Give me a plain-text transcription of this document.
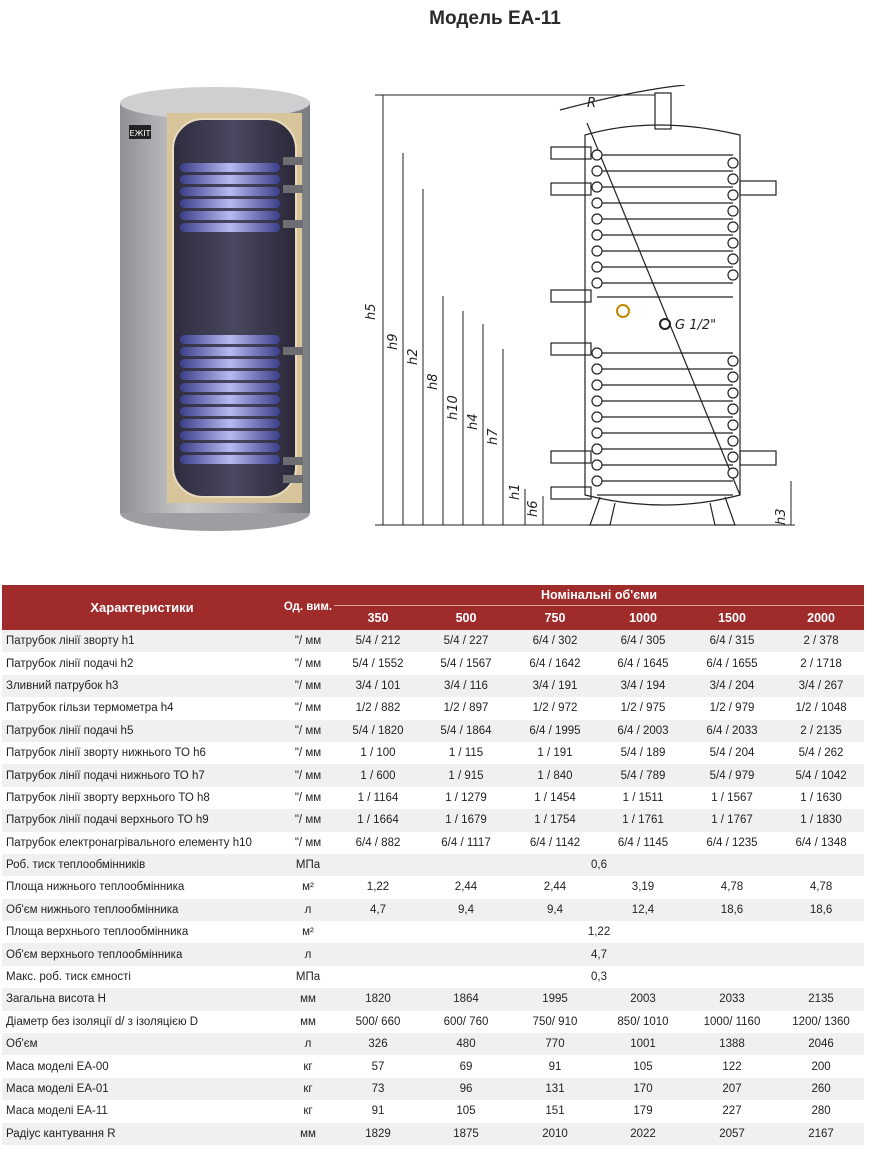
Модель EA-11
ЕЖІТ
R
h5
h9
h2
h8
h10
h4
h7
h1
h6	h3
G 1/2"
Характеристики	Од. вим.	Номінальні об'єми					
		350	500	750	1000	1500	2000
Патрубок лінії зворту h1	"/ мм	5/4 / 212	5/4 / 227	6/4 / 302	6/4 / 305	6/4 / 315	2 / 378
Патрубок лінії подачі h2	"/ мм	5/4 / 1552	5/4 / 1567	6/4 / 1642	6/4 / 1645	6/4 / 1655	2 / 1718
Зливний патрубок h3	"/ мм	3/4 / 101	3/4 / 116	3/4 / 191	3/4 / 194	3/4 / 204	3/4 / 267
Патрубок гільзи термометра h4	"/ мм	1/2 / 882	1/2 / 897	1/2 / 972	1/2 / 975	1/2 / 979	1/2 / 1048
Патрубок лінії подачі h5	"/ мм	5/4 / 1820	5/4 / 1864	6/4 / 1995	6/4 / 2003	6/4 / 2033	2 / 2135
Патрубок лінії зворту нижнього ТО h6	"/ мм	1 / 100	1 / 115	1 / 191	5/4 / 189	5/4 / 204	5/4 / 262
Патрубок лінії подачі нижнього ТО h7	"/ мм	1 / 600	1 / 915	1 / 840	5/4 / 789	5/4 / 979	5/4 / 1042
Патрубок лінії зворту верхнього ТО h8	"/ мм	1 / 1164	1 / 1279	1 / 1454	1 / 1511	1 / 1567	1 / 1630
Патрубок лінії подачі верхнього ТО h9	"/ мм	1 / 1664	1 / 1679	1 / 1754	1 / 1761	1 / 1767	1 / 1830
Патрубок електронагрівального елементу h10	"/ мм	6/4 / 882	6/4 / 1117	6/4 / 1142	6/4 / 1145	6/4 / 1235	6/4 / 1348
Роб. тиск теплообмінників	МПа	0,6					
Площа нижнього теплообмінника	м²	1,22	2,44	2,44	3,19	4,78	4,78
Об'єм нижнього теплообмінника	л	4,7	9,4	9,4	12,4	18,6	18,6
Площа верхнього теплообмінника	м²	1,22					
Об'єм верхнього теплообмінника	л	4,7					
Макс. роб. тиск ємності	МПа	0,3					
Загальна висота H	мм	1820	1864	1995	2003	2033	2135
Діаметр без ізоляції d/ з ізоляцією D	мм	500/ 660	600/ 760	750/ 910	850/ 1010	1000/ 1160	1200/ 1360
Об'єм	л	326	480	770	1001	1388	2046
Маса моделі EA-00	кг	57	69	91	105	122	200
Маса моделі EA-01	кг	73	96	131	170	207	260
Маса моделі EA-11	кг	91	105	151	179	227	280
Радіус кантування R	мм	1829	1875	2010	2022	2057	2167
